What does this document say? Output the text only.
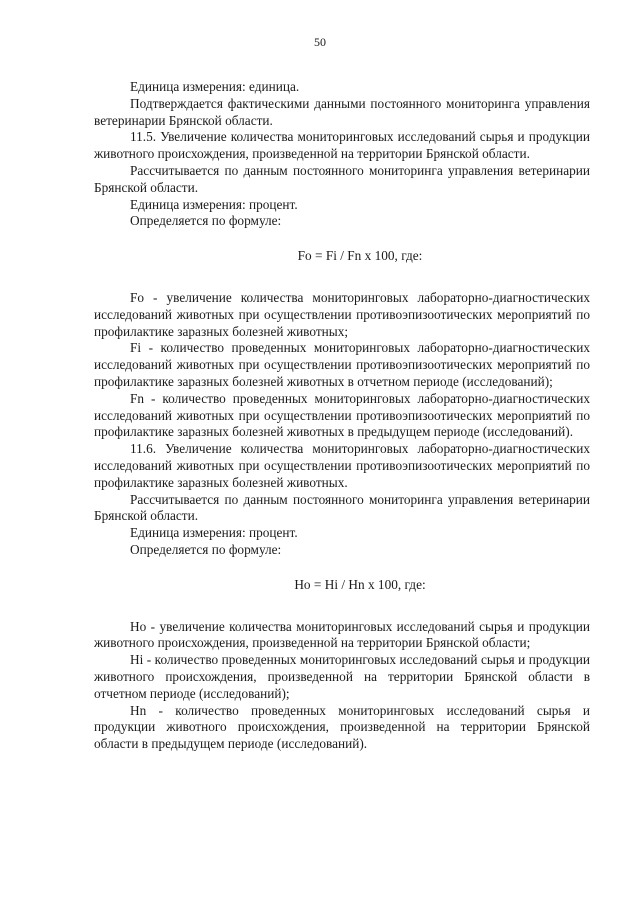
50

Единица измерения: единица.

Подтверждается фактическими данными постоянного мониторинга управления ветеринарии Брянской области.

11.5. Увеличение количества мониторинговых исследований сырья и продукции животного происхождения, произведенной на территории Брянской области.

Рассчитывается по данным постоянного мониторинга управления ветеринарии Брянской области.

Единица измерения: процент.

Определяется по формуле:

Fo = Fi / Fn x 100, где:

Fo - увеличение количества мониторинговых лабораторно-диагностических исследований животных при осуществлении противоэпизоотических мероприятий по профилактике заразных болезней животных;

Fi - количество проведенных мониторинговых лабораторно-диагностических исследований животных при осуществлении противоэпизоотических мероприятий по профилактике заразных болезней животных в отчетном периоде (исследований);

Fn - количество проведенных мониторинговых лабораторно-диагностических исследований животных при осуществлении противоэпизоотических мероприятий по профилактике заразных болезней животных в предыдущем периоде (исследований).

11.6. Увеличение количества мониторинговых лабораторно-диагностических исследований животных при осуществлении противоэпизоотических мероприятий по профилактике заразных болезней животных.

Рассчитывается по данным постоянного мониторинга управления ветеринарии Брянской области.

Единица измерения: процент.

Определяется по формуле:

Ho = Hi / Hn x 100, где:

Ho - увеличение количества мониторинговых исследований сырья и продукции животного происхождения, произведенной на территории Брянской области;

Hi - количество проведенных мониторинговых исследований сырья и продукции животного происхождения, произведенной на территории Брянской области в отчетном периоде (исследований);

Hn - количество проведенных мониторинговых исследований сырья и продукции животного происхождения, произведенной на территории Брянской области в предыдущем периоде (исследований).
